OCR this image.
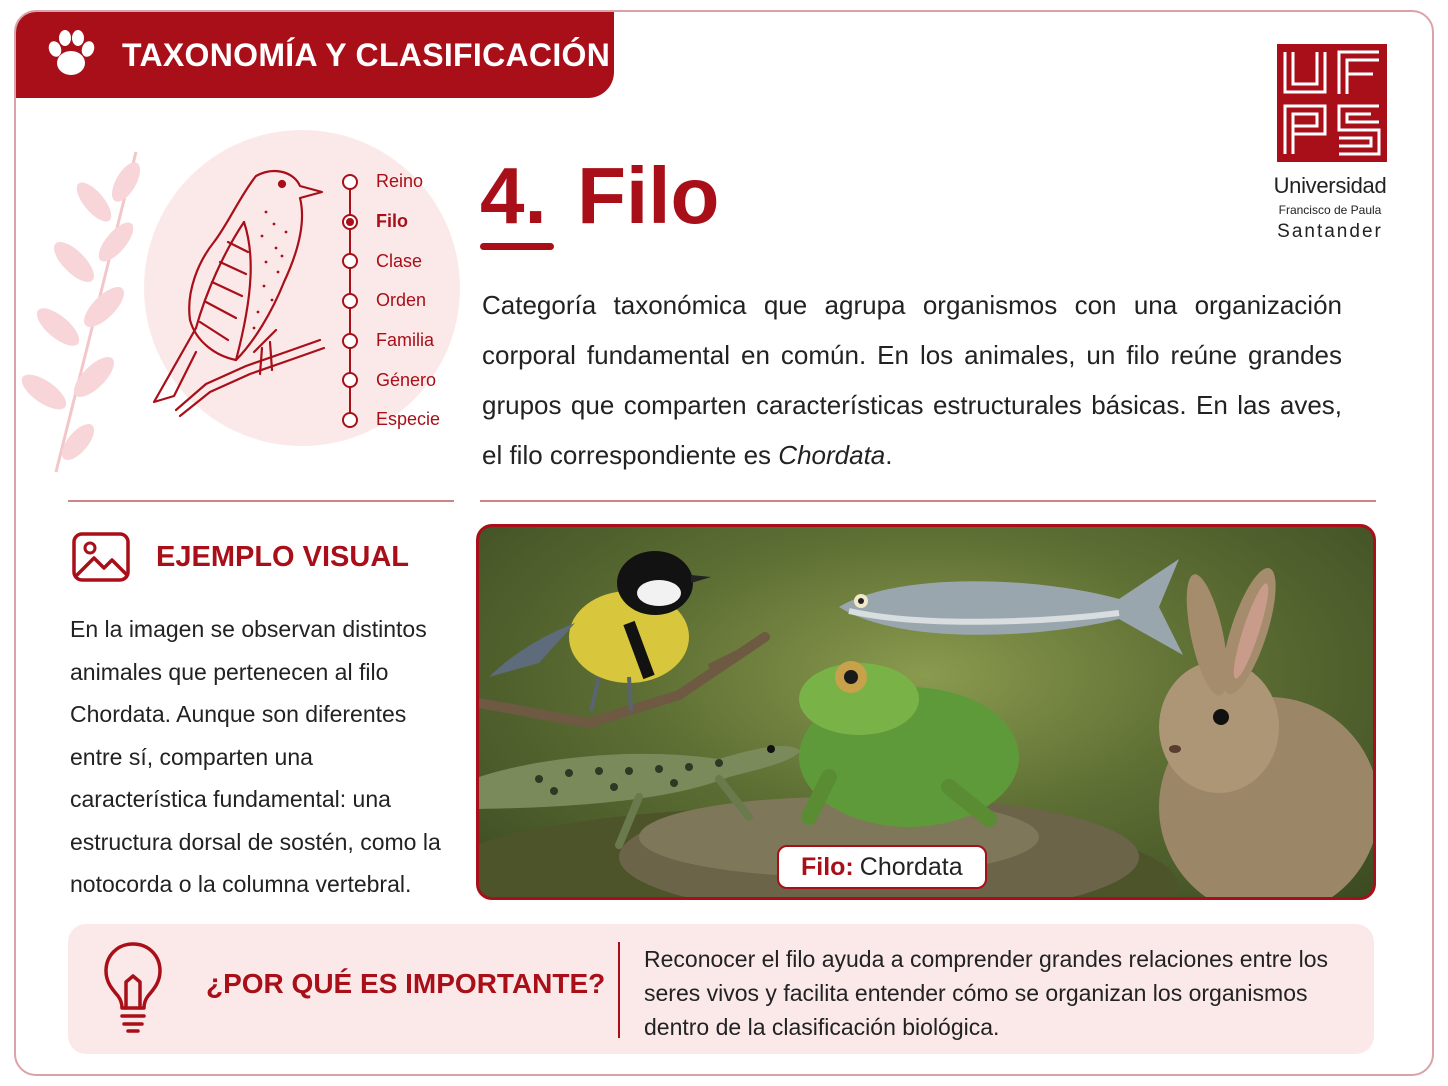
TAXONOMÍA Y CLASIFICACIÓN
Universidad
Francisco de Paula
Santander
Reino
Filo
Clase
Orden
Familia
Género
Especie
4. Filo

Categoría taxonómica que agrupa organismos con una organización corporal fundamental en común. En los animales, un filo reúne grandes grupos que comparten características estructurales básicas. En las aves, el filo correspondiente es Chordata.

EJEMPLO VISUAL

En la imagen se observan distintos animales que pertenecen al filo Chordata. Aunque son diferentes entre sí, comparten una característica fundamental: una estructura dorsal de sostén, como la notocorda o la columna vertebral.

Filo: Chordata
¿POR QUÉ ES IMPORTANTE?

Reconocer el filo ayuda a comprender grandes relaciones entre los seres vivos y facilita entender cómo se organizan los organismos dentro de la clasificación biológica.
